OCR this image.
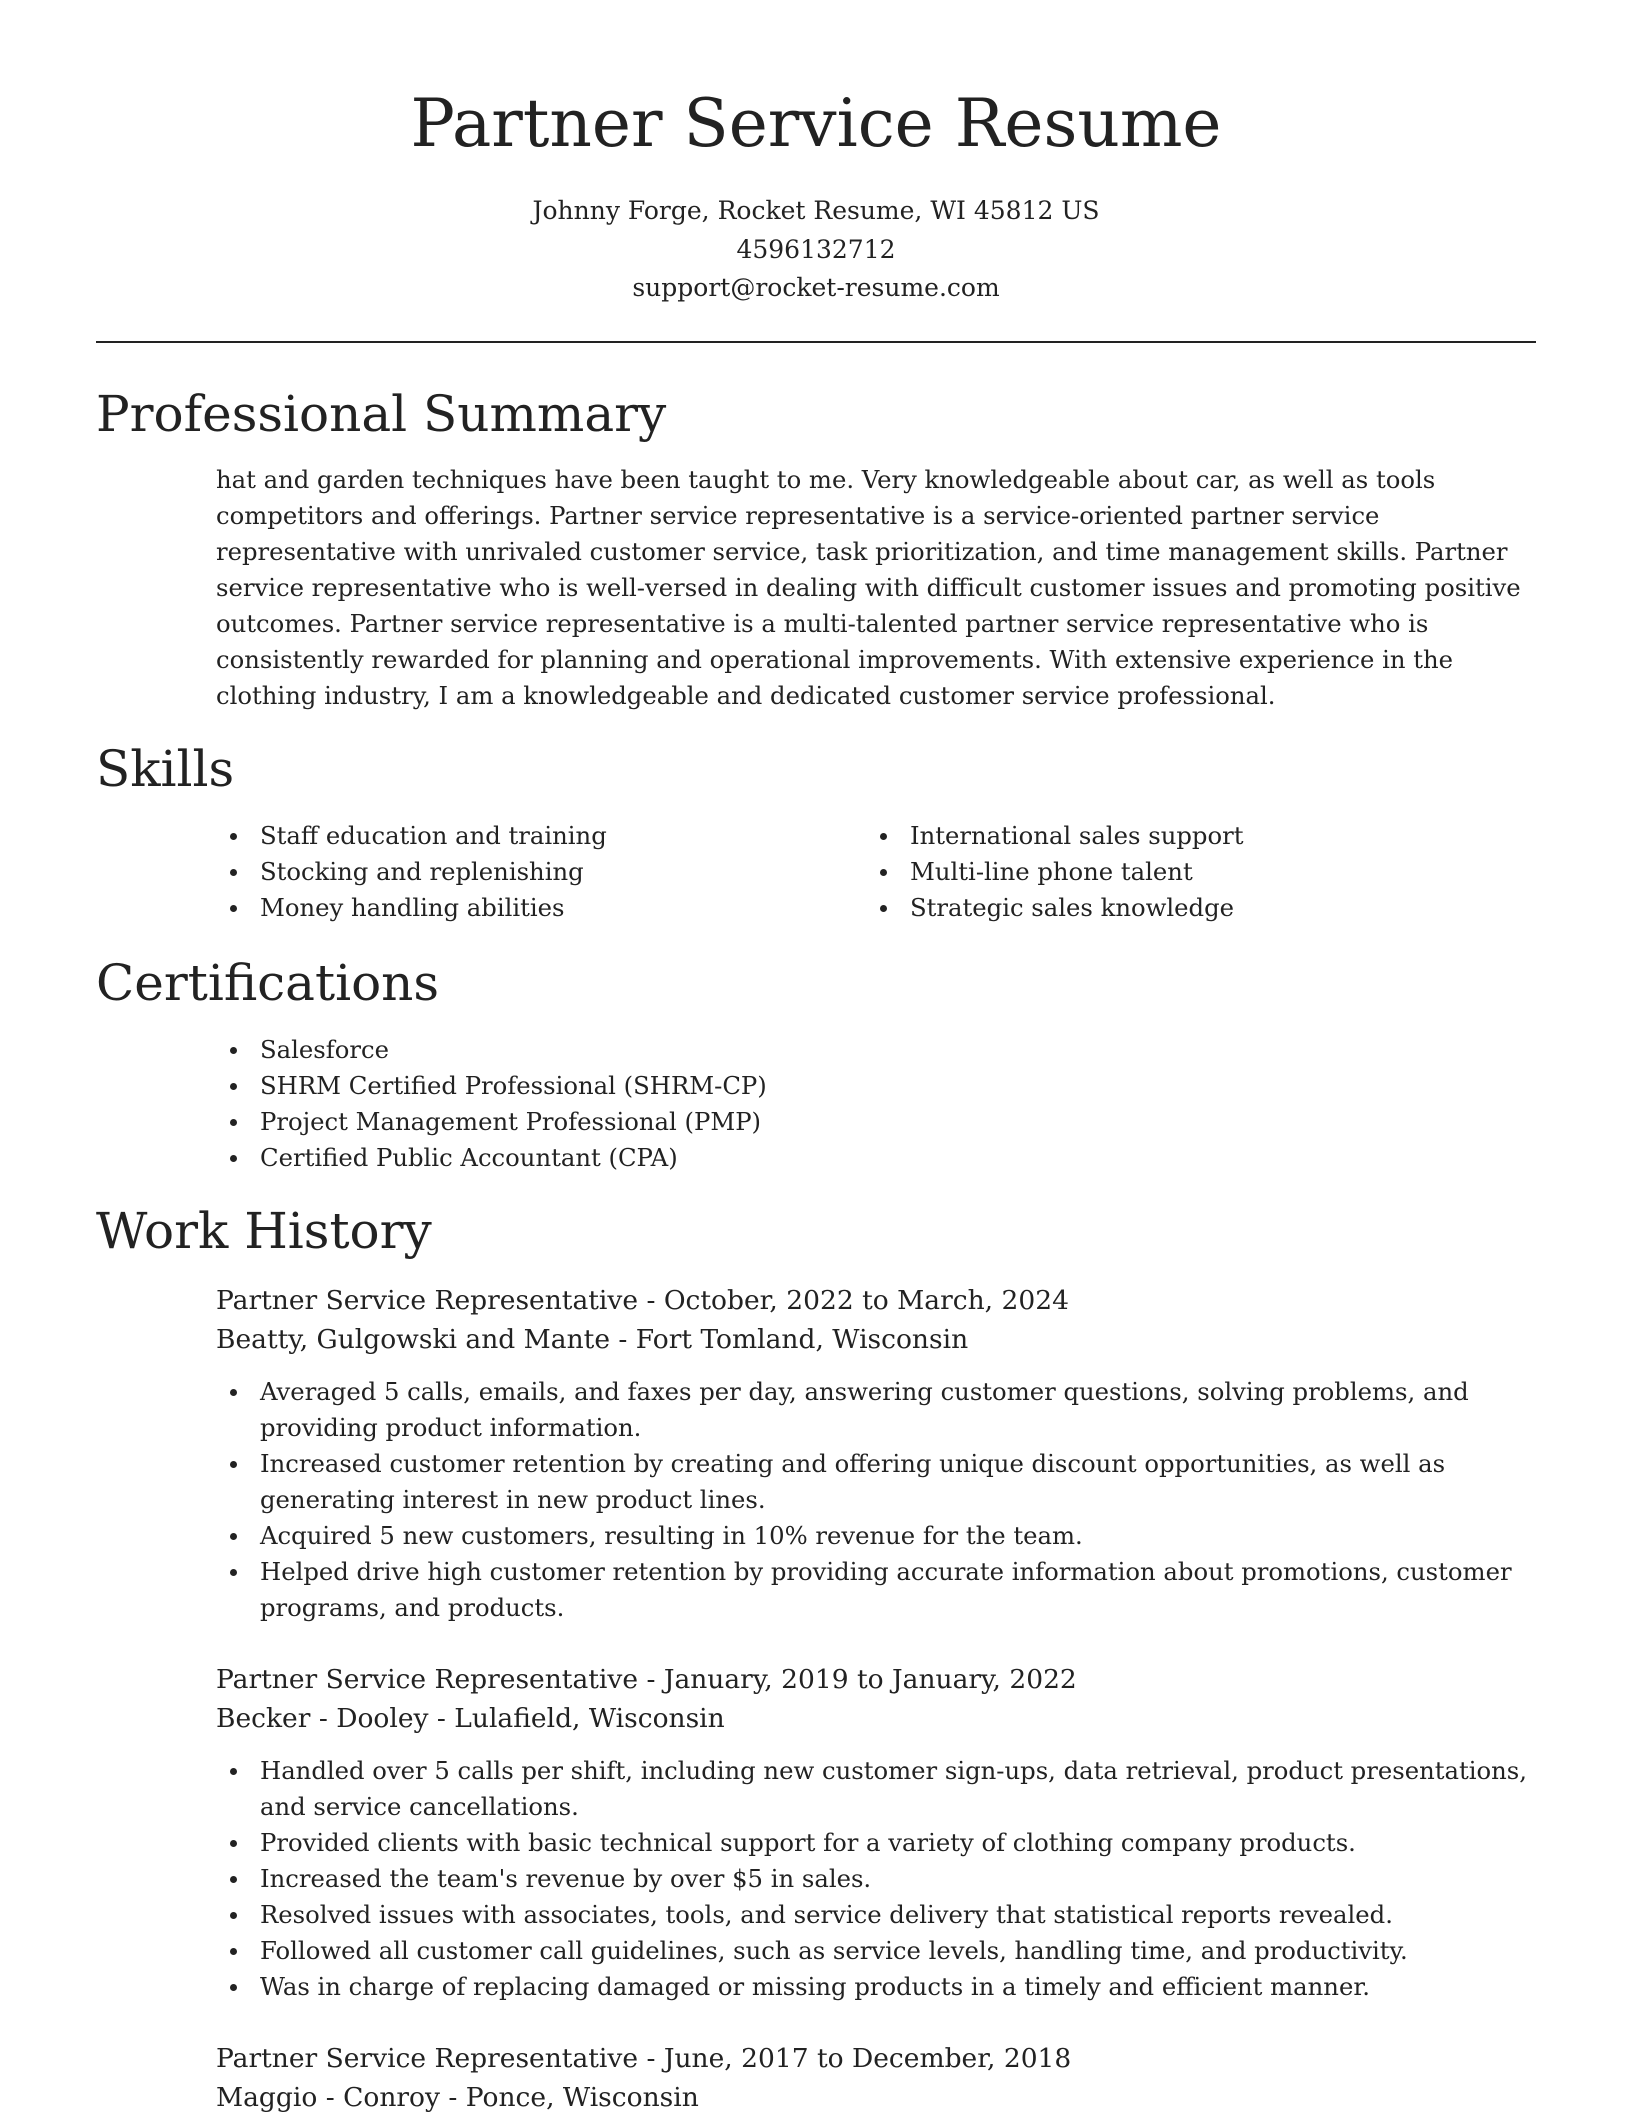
Partner Service Resume
Johnny Forge, Rocket Resume, WI 45812 US
4596132712
support@rocket-resume.com
Professional Summary

hat and garden techniques have been taught to me. Very knowledgeable about car, as well as tools competitors and offerings. Partner service representative is a service-oriented partner service representative with unrivaled customer service, task prioritization, and time management skills. Partner service representative who is well-versed in dealing with difficult customer issues and promoting positive outcomes. Partner service representative is a multi-talented partner service representative who is consistently rewarded for planning and operational improvements. With extensive experience in the clothing industry, I am a knowledgeable and dedicated customer service professional.

Skills
Staff education and training
Stocking and replenishing
Money handling abilities
International sales support
Multi-line phone talent
Strategic sales knowledge
Certifications
Salesforce
SHRM Certified Professional (SHRM-CP)
Project Management Professional (PMP)
Certified Public Accountant (CPA)
Work History
Partner Service Representative - October, 2022 to March, 2024
Beatty, Gulgowski and Mante - Fort Tomland, Wisconsin
Averaged 5 calls, emails, and faxes per day, answering customer questions, solving problems, and providing product information.
Increased customer retention by creating and offering unique discount opportunities, as well as generating interest in new product lines.
Acquired 5 new customers, resulting in 10% revenue for the team.
Helped drive high customer retention by providing accurate information about promotions, customer programs, and products.
Partner Service Representative - January, 2019 to January, 2022
Becker - Dooley - Lulafield, Wisconsin
Handled over 5 calls per shift, including new customer sign-ups, data retrieval, product presentations, and service cancellations.
Provided clients with basic technical support for a variety of clothing company products.
Increased the team's revenue by over $5 in sales.
Resolved issues with associates, tools, and service delivery that statistical reports revealed.
Followed all customer call guidelines, such as service levels, handling time, and productivity.
Was in charge of replacing damaged or missing products in a timely and efficient manner.
Partner Service Representative - June, 2017 to December, 2018
Maggio - Conroy - Ponce, Wisconsin
